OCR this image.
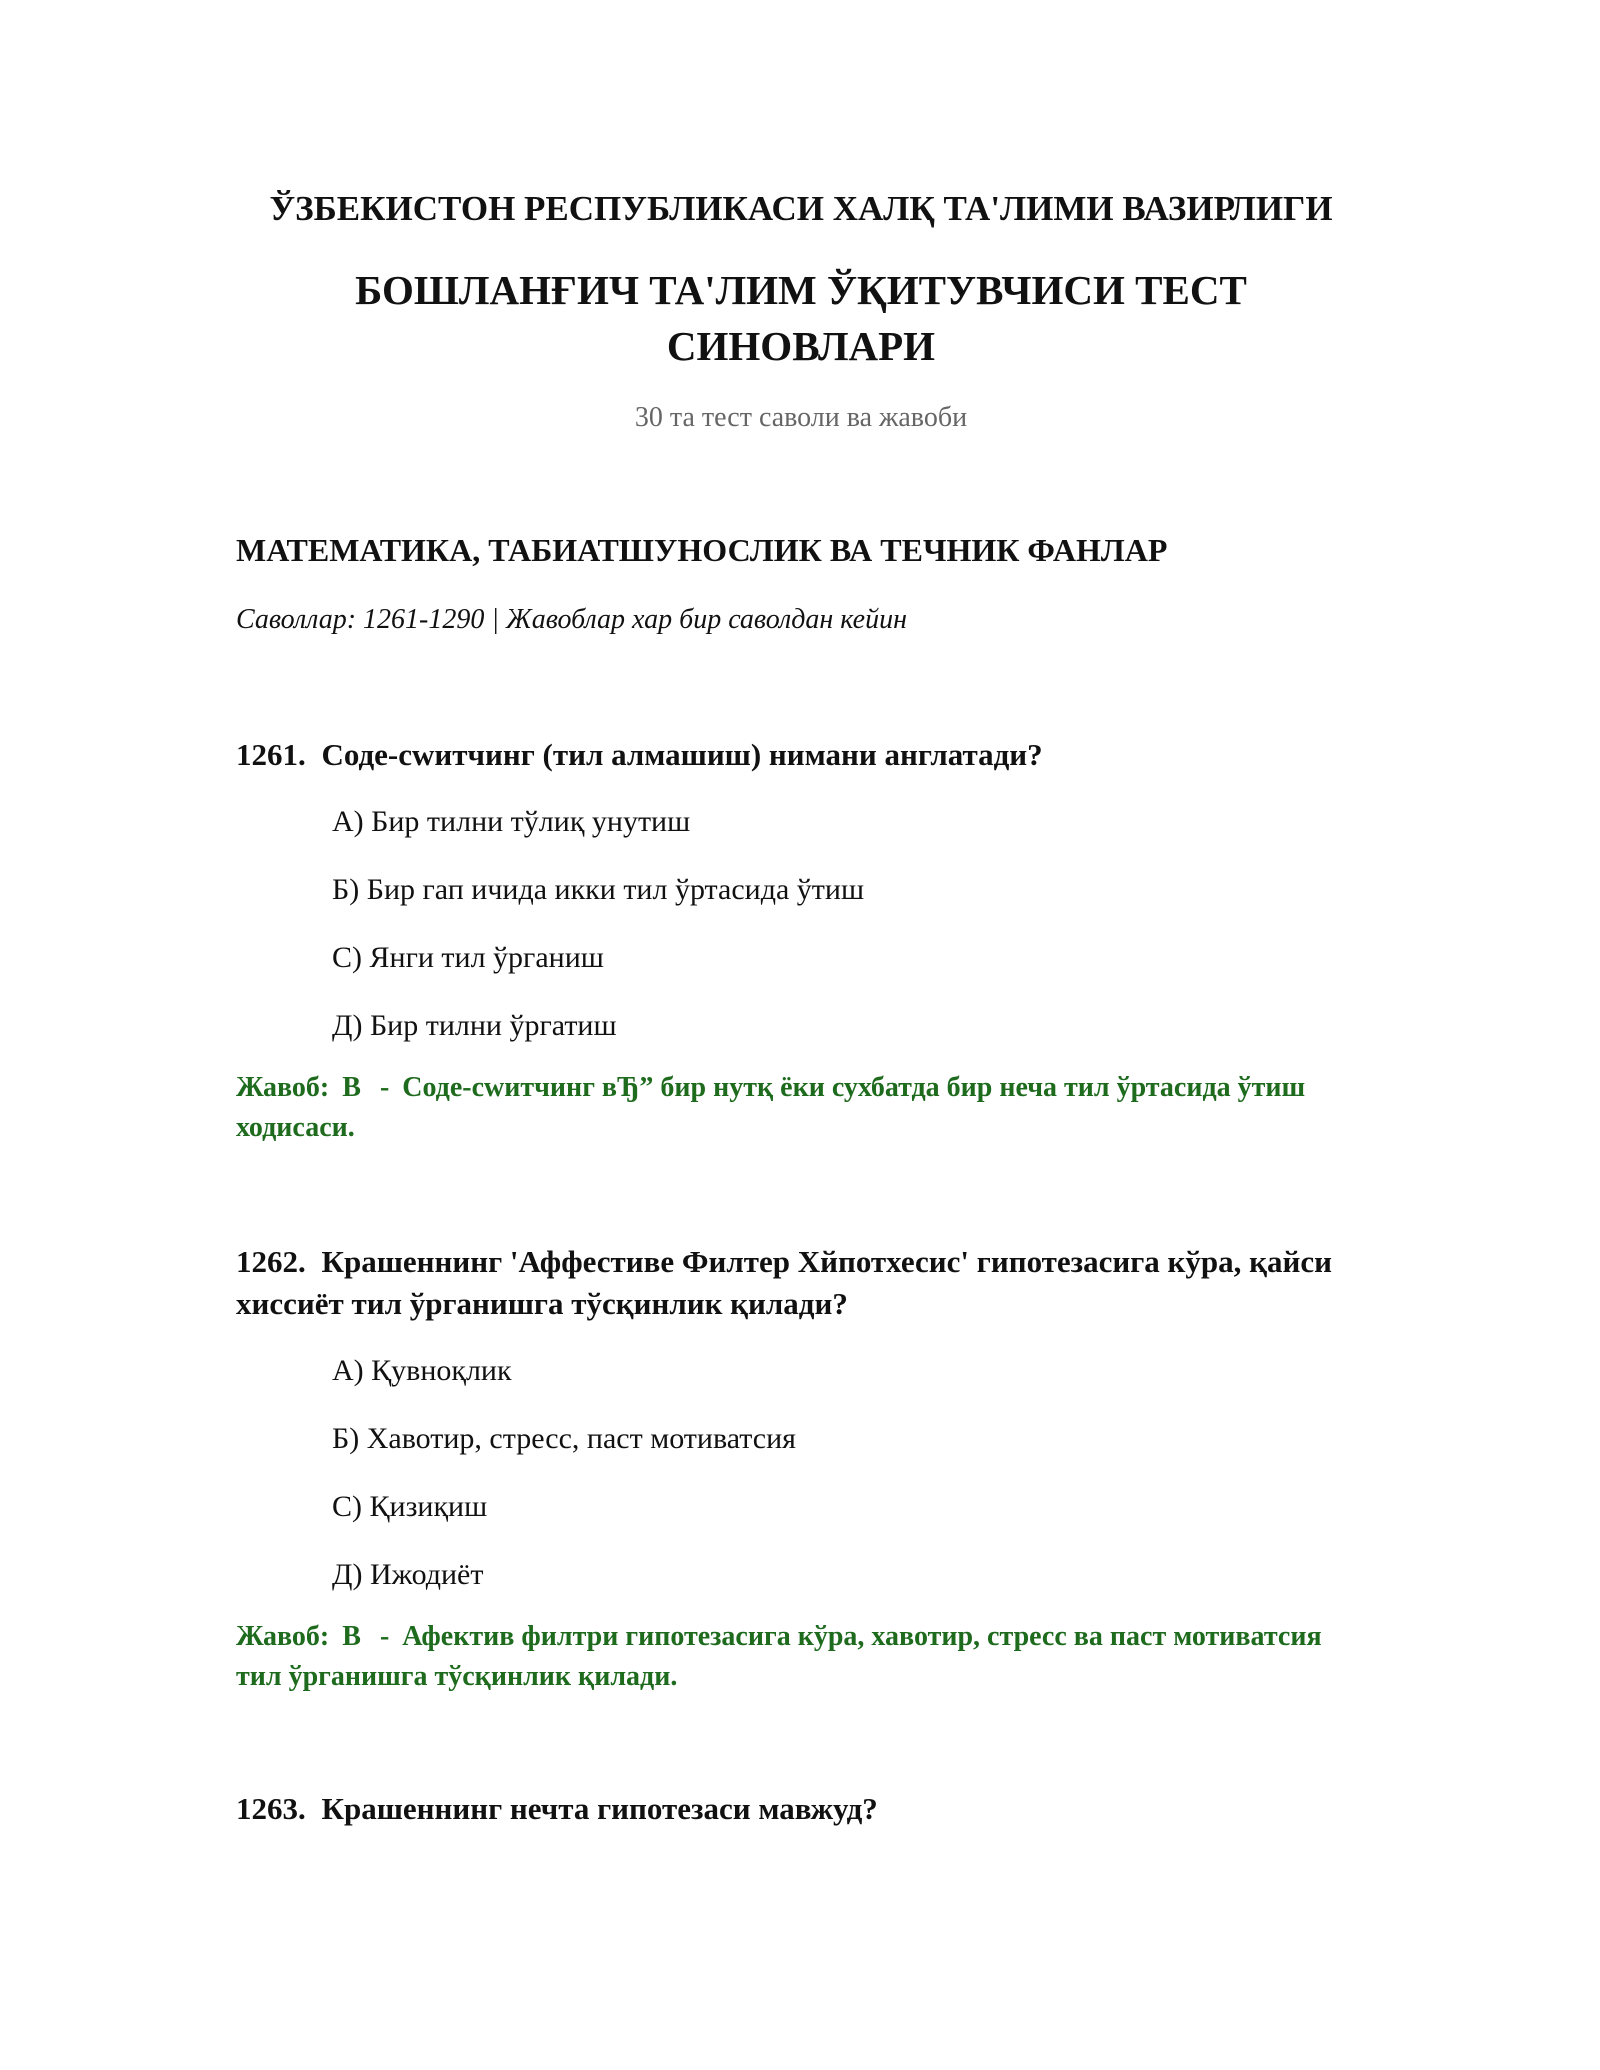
ЎЗБЕКИСТОН РЕСПУБЛИКАСИ ХАЛҚ ТА'ЛИМИ ВАЗИРЛИГИ
БОШЛАНҒИЧ ТА'ЛИМ ЎҚИТУВЧИСИ ТЕСТ
СИНОВЛАРИ

30 та тест саволи ва жавоби

МАТЕМАТИКА, ТАБИАТШУНОСЛИК ВА ТЕЧНИК ФАНЛАР

Саволлар: 1261-1290 | Жавоблар хар бир саволдан кейин

1261. Соде-сwитчинг (тил алмашиш) нимани англатади?

А) Бир тилни тўлиқ унутиш
Б) Бир гап ичида икки тил ўртасида ўтиш
C) Янги тил ўрганиш
Д) Бир тилни ўргатиш

Жавоб: B - Соде-сwитчинг вЂ” бир нутқ ёки сухбатда бир неча тил ўртасида ўтиш ходисаси.

1262. Крашеннинг 'Аффестиве Филтер Хйпотхесис' гипотезасига кўра, қайси хиссиёт тил ўрганишга тўсқинлик қилади?

А) Қувноқлик
Б) Хавотир, стресс, паст мотиватсия
C) Қизиқиш
Д) Ижодиёт

Жавоб: B - Афектив филтри гипотезасига кўра, хавотир, стресс ва паст мотиватсия тил ўрганишга тўсқинлик қилади.

1263. Крашеннинг нечта гипотезаси мавжуд?
